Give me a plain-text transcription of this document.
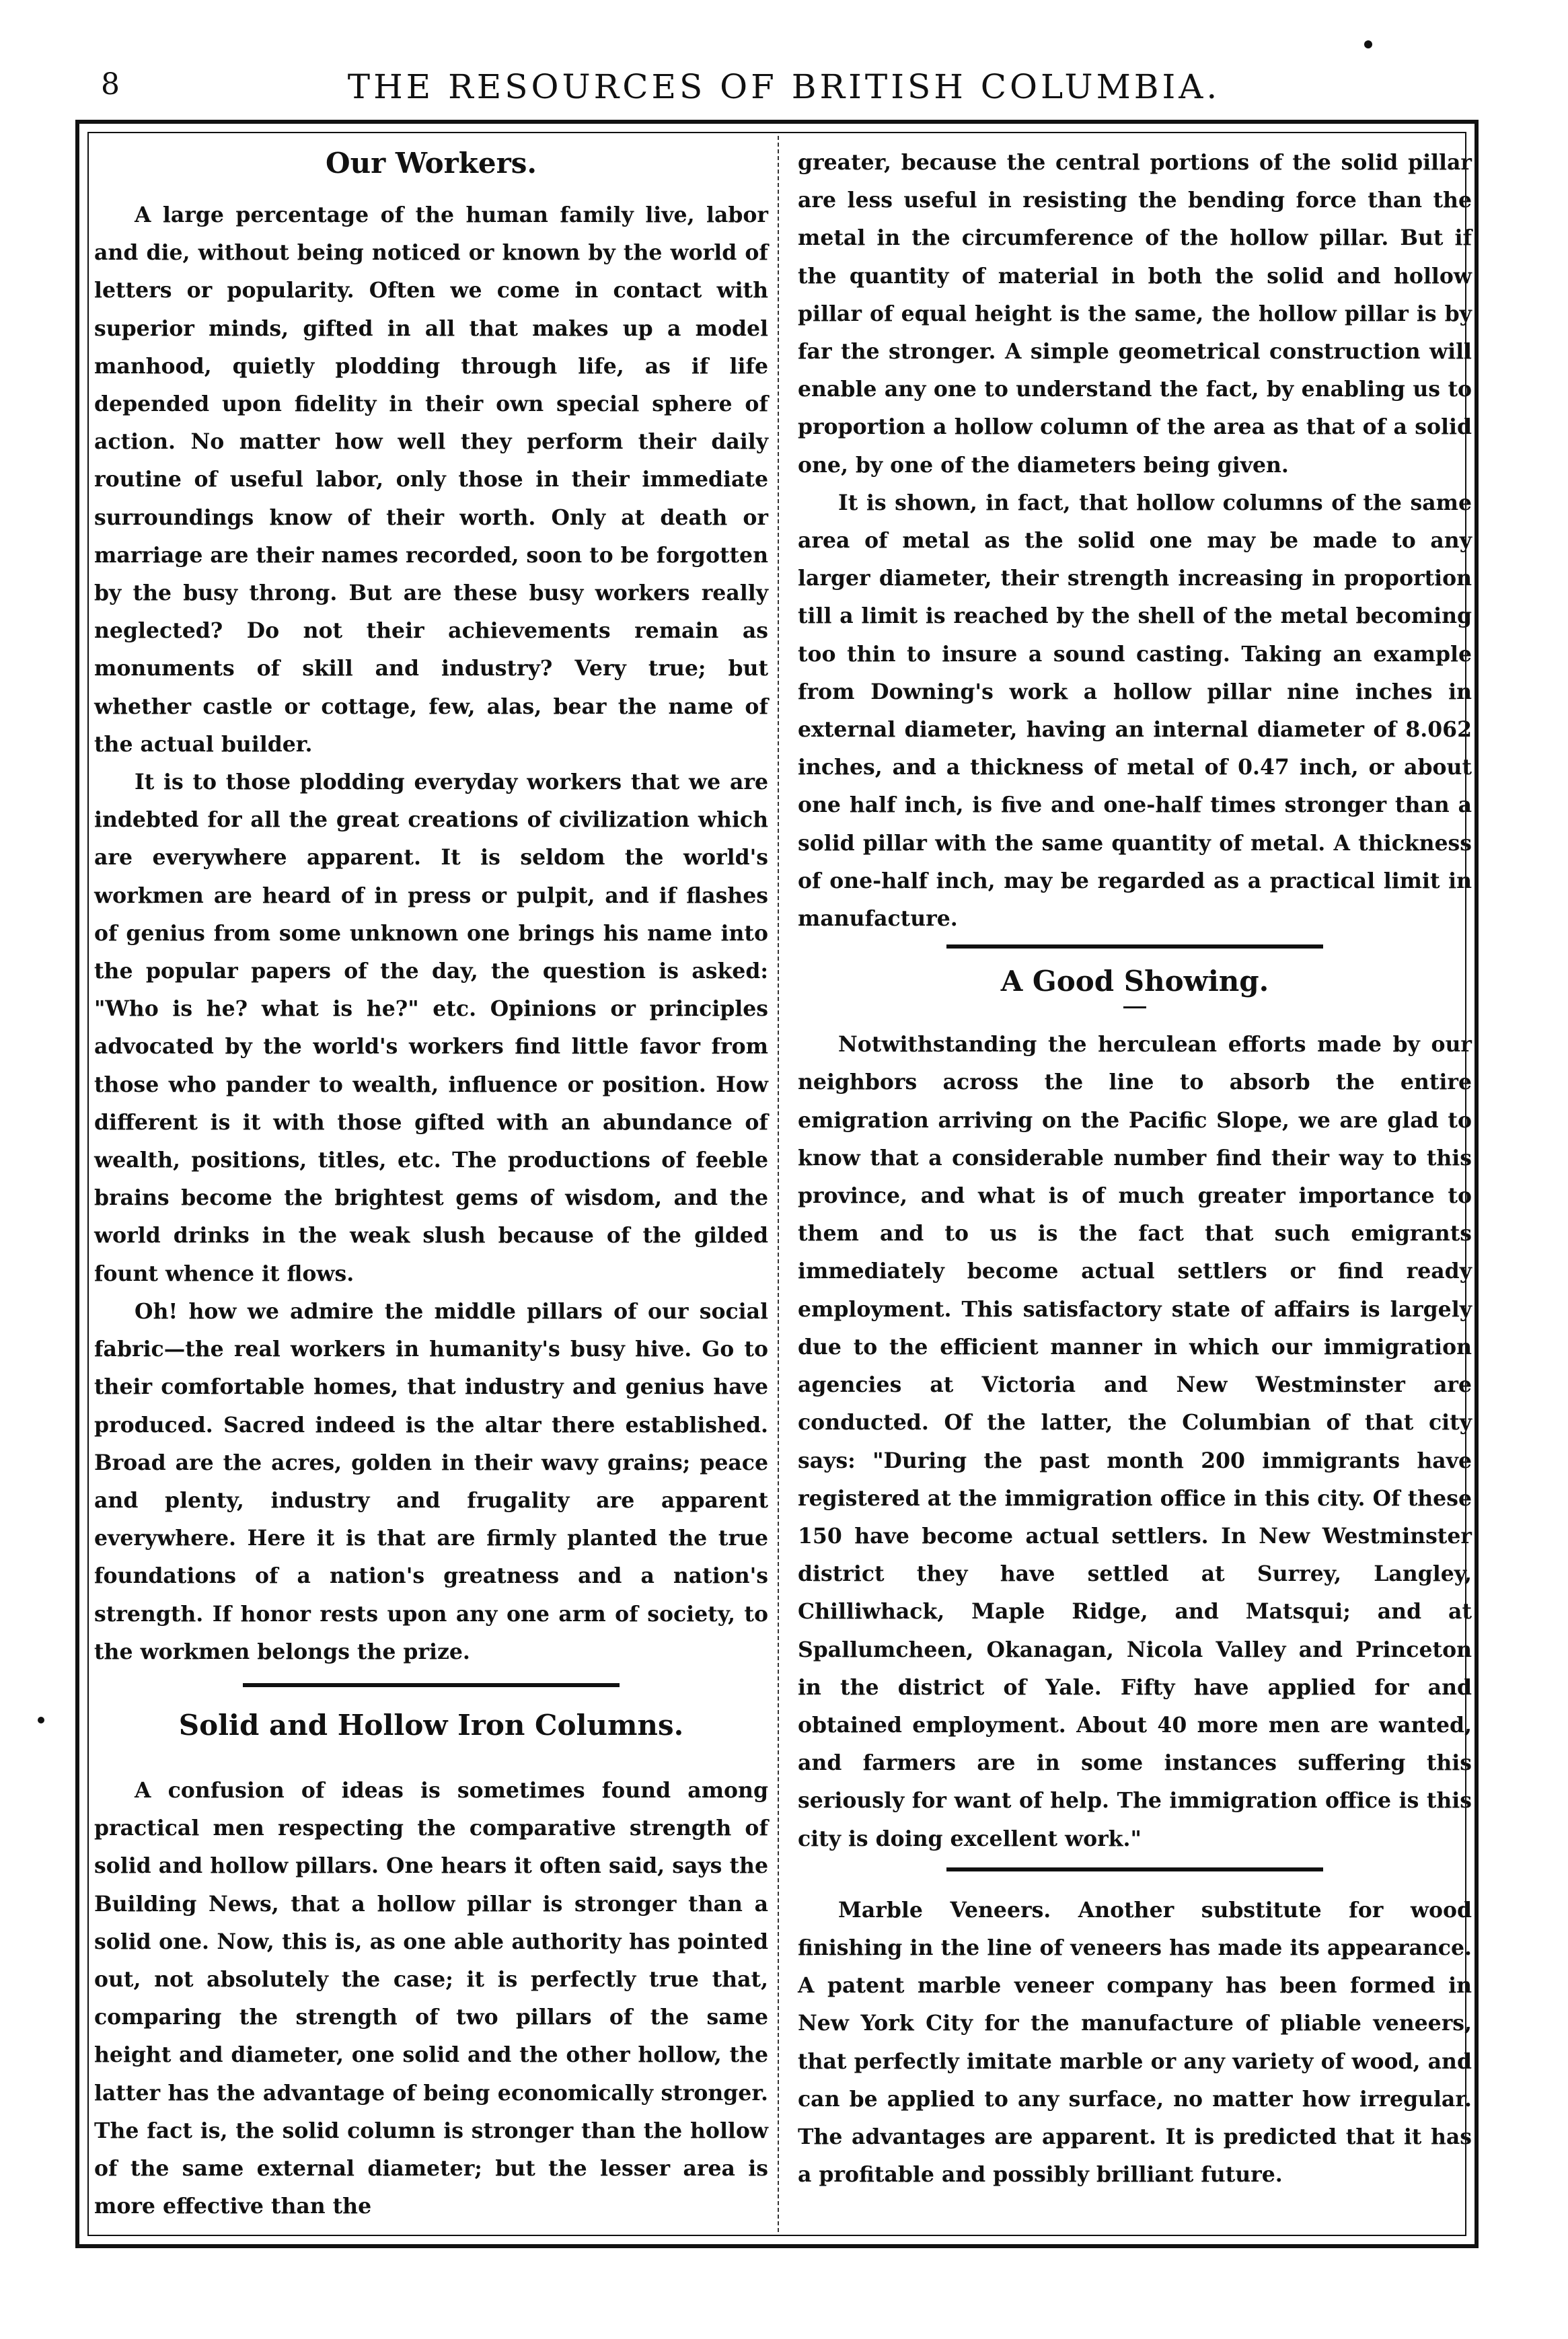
8	THE RESOURCES OF BRITISH COLUMBIA.
Our Workers.

A large percentage of the human family live, labor and die, without being noticed or known by the world of letters or popularity. Often we come in contact with superior minds, gifted in all that makes up a model manhood, quietly plodding through life, as if life depended upon fidelity in their own special sphere of action. No matter how well they perform their daily routine of useful labor, only those in their immediate surroundings know of their worth. Only at death or marriage are their names recorded, soon to be forgotten by the busy throng. But are these busy workers really neglected? Do not their achievements remain as monuments of skill and industry? Very true; but whether castle or cottage, few, alas, bear the name of the actual builder.

It is to those plodding everyday workers that we are indebted for all the great creations of civilization which are everywhere apparent. It is seldom the world's workmen are heard of in press or pulpit, and if flashes of genius from some unknown one brings his name into the popular papers of the day, the question is asked: "Who is he? what is he?" etc. Opinions or principles advocated by the world's workers find little favor from those who pander to wealth, influence or position. How different is it with those gifted with an abundance of wealth, positions, titles, etc. The productions of feeble brains become the brightest gems of wisdom, and the world drinks in the weak slush because of the gilded fount whence it flows.

Oh! how we admire the middle pillars of our social fabric—the real workers in humanity's busy hive. Go to their comfortable homes, that industry and genius have produced. Sacred indeed is the altar there established. Broad are the acres, golden in their wavy grains; peace and plenty, industry and frugality are apparent everywhere. Here it is that are firmly planted the true foundations of a nation's greatness and a nation's strength. If honor rests upon any one arm of society, to the workmen belongs the prize.

Solid and Hollow Iron Columns.

A confusion of ideas is sometimes found among practical men respecting the comparative strength of solid and hollow pillars. One hears it often said, says the Building News, that a hollow pillar is stronger than a solid one. Now, this is, as one able authority has pointed out, not absolutely the case; it is perfectly true that, comparing the strength of two pillars of the same height and diameter, one solid and the other hollow, the latter has the advantage of being economically stronger. The fact is, the solid column is stronger than the hollow of the same external diameter; but the lesser area is more effective than the

greater, because the central portions of the solid pillar are less useful in resisting the bending force than the metal in the circumference of the hollow pillar. But if the quantity of material in both the solid and hollow pillar of equal height is the same, the hollow pillar is by far the stronger. A simple geometrical construction will enable any one to understand the fact, by enabling us to proportion a hollow column of the area as that of a solid one, by one of the diameters being given.

It is shown, in fact, that hollow columns of the same area of metal as the solid one may be made to any larger diameter, their strength increasing in proportion till a limit is reached by the shell of the metal becoming too thin to insure a sound casting. Taking an example from Downing's work a hollow pillar nine inches in external diameter, having an internal diameter of 8.062 inches, and a thickness of metal of 0.47 inch, or about one half inch, is five and one-half times stronger than a solid pillar with the same quantity of metal. A thickness of one-half inch, may be regarded as a practical limit in manufacture.

A Good Showing.

Notwithstanding the herculean efforts made by our neighbors across the line to absorb the entire emigration arriving on the Pacific Slope, we are glad to know that a considerable number find their way to this province, and what is of much greater importance to them and to us is the fact that such emigrants immediately become actual settlers or find ready employment. This satisfactory state of affairs is largely due to the efficient manner in which our immigration agencies at Victoria and New Westminster are conducted. Of the latter, the Columbian of that city says: "During the past month 200 immigrants have registered at the immigration office in this city. Of these 150 have become actual settlers. In New Westminster district they have settled at Surrey, Langley, Chilliwhack, Maple Ridge, and Matsqui; and at Spallumcheen, Okanagan, Nicola Valley and Princeton in the district of Yale. Fifty have applied for and obtained employment. About 40 more men are wanted, and farmers are in some instances suffering this seriously for want of help. The immigration office is this city is doing excellent work."

Marble Veneers. Another substitute for wood finishing in the line of veneers has made its appearance. A patent marble veneer company has been formed in New York City for the manufacture of pliable veneers, that perfectly imitate marble or any variety of wood, and can be applied to any surface, no matter how irregular. The advantages are apparent. It is predicted that it has a profitable and possibly brilliant future.
